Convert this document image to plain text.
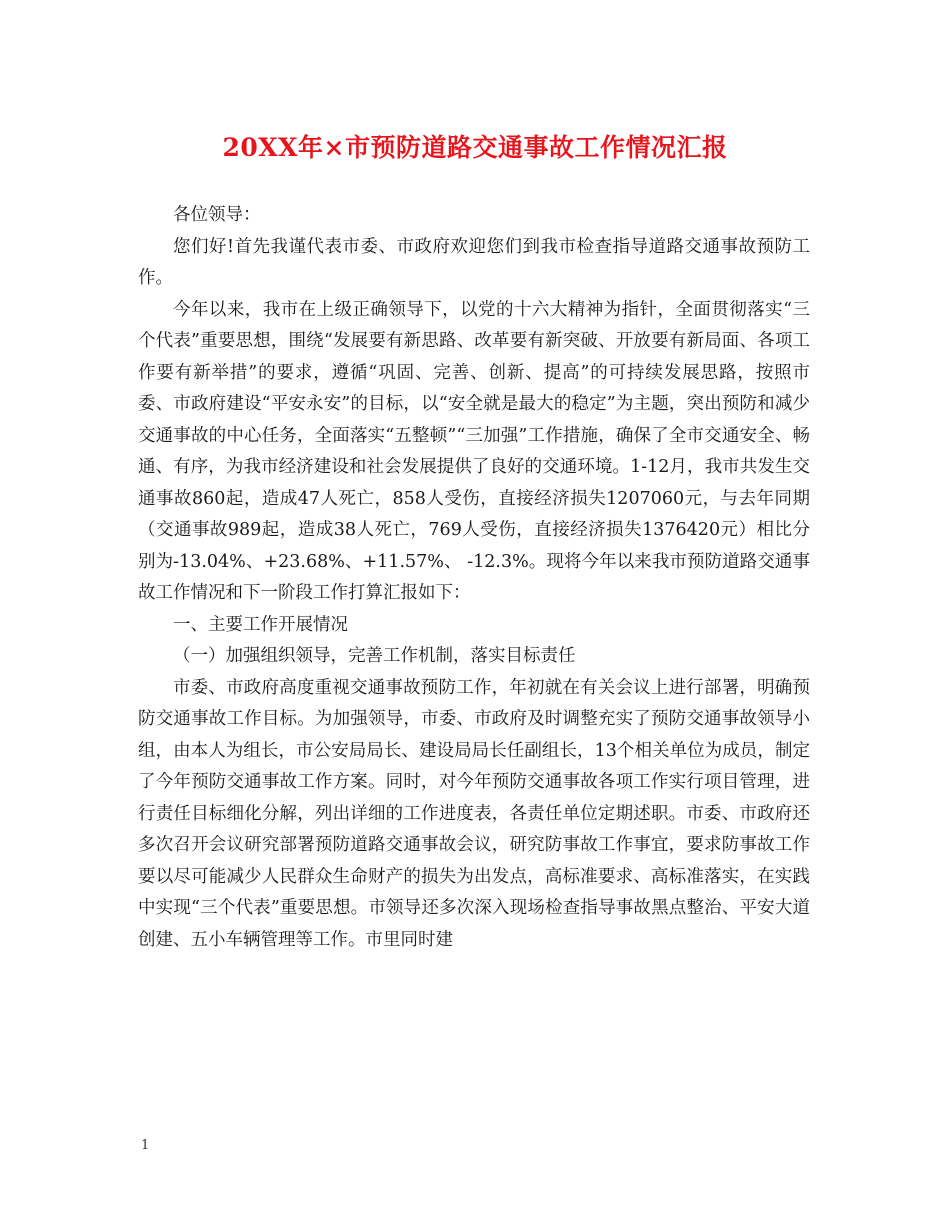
20XX年×市预防道路交通事故工作情况汇报

各位领导：

您们好!首先我谨代表市委、市政府欢迎您们到我市检查指导道路交通事故预防工作。

今年以来，我市在上级正确领导下，以党的十六大精神为指针，全面贯彻落实“三个代表”重要思想，围绕“发展要有新思路、改革要有新突破、开放要有新局面、各项工作要有新举措”的要求，遵循“巩固、完善、创新、提高”的可持续发展思路，按照市委、市政府建设“平安永安”的目标，以“安全就是最大的稳定”为主题，突出预防和减少交通事故的中心任务，全面落实“五整顿”“三加强”工作措施，确保了全市交通安全、畅通、有序，为我市经济建设和社会发展提供了良好的交通环境。1-12月，我市共发生交通事故860起，造成47人死亡，858人受伤，直接经济损失1207060元，与去年同期（交通事故989起，造成38人死亡，769人受伤，直接经济损失1376420元）相比分别为-13.04%、+23.68%、+11.57%、 -12.3%。现将今年以来我市预防道路交通事故工作情况和下一阶段工作打算汇报如下：

一、主要工作开展情况

（一）加强组织领导，完善工作机制，落实目标责任

市委、市政府高度重视交通事故预防工作，年初就在有关会议上进行部署，明确预防交通事故工作目标。为加强领导，市委、市政府及时调整充实了预防交通事故领导小组，由本人为组长，市公安局局长、建设局局长任副组长，13个相关单位为成员，制定了今年预防交通事故工作方案。同时，对今年预防交通事故各项工作实行项目管理，进行责任目标细化分解，列出详细的工作进度表，各责任单位定期述职。市委、市政府还多次召开会议研究部署预防道路交通事故会议，研究防事故工作事宜，要求防事故工作要以尽可能减少人民群众生命财产的损失为出发点，高标准要求、高标准落实，在实践中实现“三个代表”重要思想。市领导还多次深入现场检查指导事故黑点整治、平安大道创建、五小车辆管理等工作。市里同时建

1
